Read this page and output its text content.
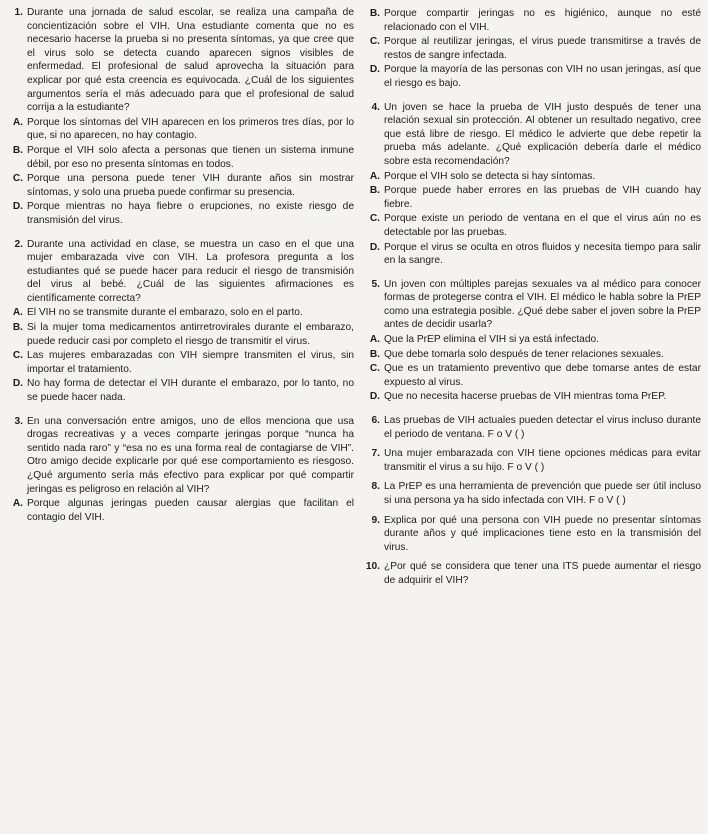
1. Durante una jornada de salud escolar, se realiza una campaña de concientización sobre el VIH. Una estudiante comenta que no es necesario hacerse la prueba si no presenta síntomas, ya que cree que el virus solo se detecta cuando aparecen signos visibles de enfermedad. El profesional de salud aprovecha la situación para explicar por qué esta creencia es equivocada. ¿Cuál de los siguientes argumentos sería el más adecuado para que el profesional de salud corrija a la estudiante?
A. Porque los síntomas del VIH aparecen en los primeros tres días, por lo que, si no aparecen, no hay contagio.
B. Porque el VIH solo afecta a personas que tienen un sistema inmune débil, por eso no presenta síntomas en todos.
C. Porque una persona puede tener VIH durante años sin mostrar síntomas, y solo una prueba puede confirmar su presencia.
D. Porque mientras no haya fiebre o erupciones, no existe riesgo de transmisión del virus.
2. Durante una actividad en clase, se muestra un caso en el que una mujer embarazada vive con VIH. La profesora pregunta a los estudiantes qué se puede hacer para reducir el riesgo de transmisión del virus al bebé. ¿Cuál de las siguientes afirmaciones es científicamente correcta?
A. El VIH no se transmite durante el embarazo, solo en el parto.
B. Si la mujer toma medicamentos antirretrovirales durante el embarazo, puede reducir casi por completo el riesgo de transmitir el virus.
C. Las mujeres embarazadas con VIH siempre transmiten el virus, sin importar el tratamiento.
D. No hay forma de detectar el VIH durante el embarazo, por lo tanto, no se puede hacer nada.
3. En una conversación entre amigos, uno de ellos menciona que usa drogas recreativas y a veces comparte jeringas porque “nunca ha sentido nada raro” y “esa no es una forma real de contagiarse de VIH”. Otro amigo decide explicarle por qué ese comportamiento es riesgoso. ¿Qué argumento sería más efectivo para explicar por qué compartir jeringas es peligroso en relación al VIH?
A. Porque algunas jeringas pueden causar alergias que facilitan el contagio del VIH.
B. Porque compartir jeringas no es higiénico, aunque no esté relacionado con el VIH.
C. Porque al reutilizar jeringas, el virus puede transmitirse a través de restos de sangre infectada.
D. Porque la mayoría de las personas con VIH no usan jeringas, así que el riesgo es bajo.
4. Un joven se hace la prueba de VIH justo después de tener una relación sexual sin protección. Al obtener un resultado negativo, cree que está libre de riesgo. El médico le advierte que debe repetir la prueba más adelante. ¿Qué explicación debería darle el médico sobre esta recomendación?
A. Porque el VIH solo se detecta si hay síntomas.
B. Porque puede haber errores en las pruebas de VIH cuando hay fiebre.
C. Porque existe un periodo de ventana en el que el virus aún no es detectable por las pruebas.
D. Porque el virus se oculta en otros fluidos y necesita tiempo para salir en la sangre.
5. Un joven con múltiples parejas sexuales va al médico para conocer formas de protegerse contra el VIH. El médico le habla sobre la PrEP como una estrategia posible. ¿Qué debe saber el joven sobre la PrEP antes de decidir usarla?
A. Que la PrEP elimina el VIH si ya está infectado.
B. Que debe tomarla solo después de tener relaciones sexuales.
C. Que es un tratamiento preventivo que debe tomarse antes de estar expuesto al virus.
D. Que no necesita hacerse pruebas de VIH mientras toma PrEP.
6. Las pruebas de VIH actuales pueden detectar el virus incluso durante el periodo de ventana. F o V ( )
7. Una mujer embarazada con VIH tiene opciones médicas para evitar transmitir el virus a su hijo. F o V ( )
8. La PrEP es una herramienta de prevención que puede ser útil incluso si una persona ya ha sido infectada con VIH. F o V ( )
9. Explica por qué una persona con VIH puede no presentar síntomas durante años y qué implicaciones tiene esto en la transmisión del virus.
10. ¿Por qué se considera que tener una ITS puede aumentar el riesgo de adquirir el VIH?
